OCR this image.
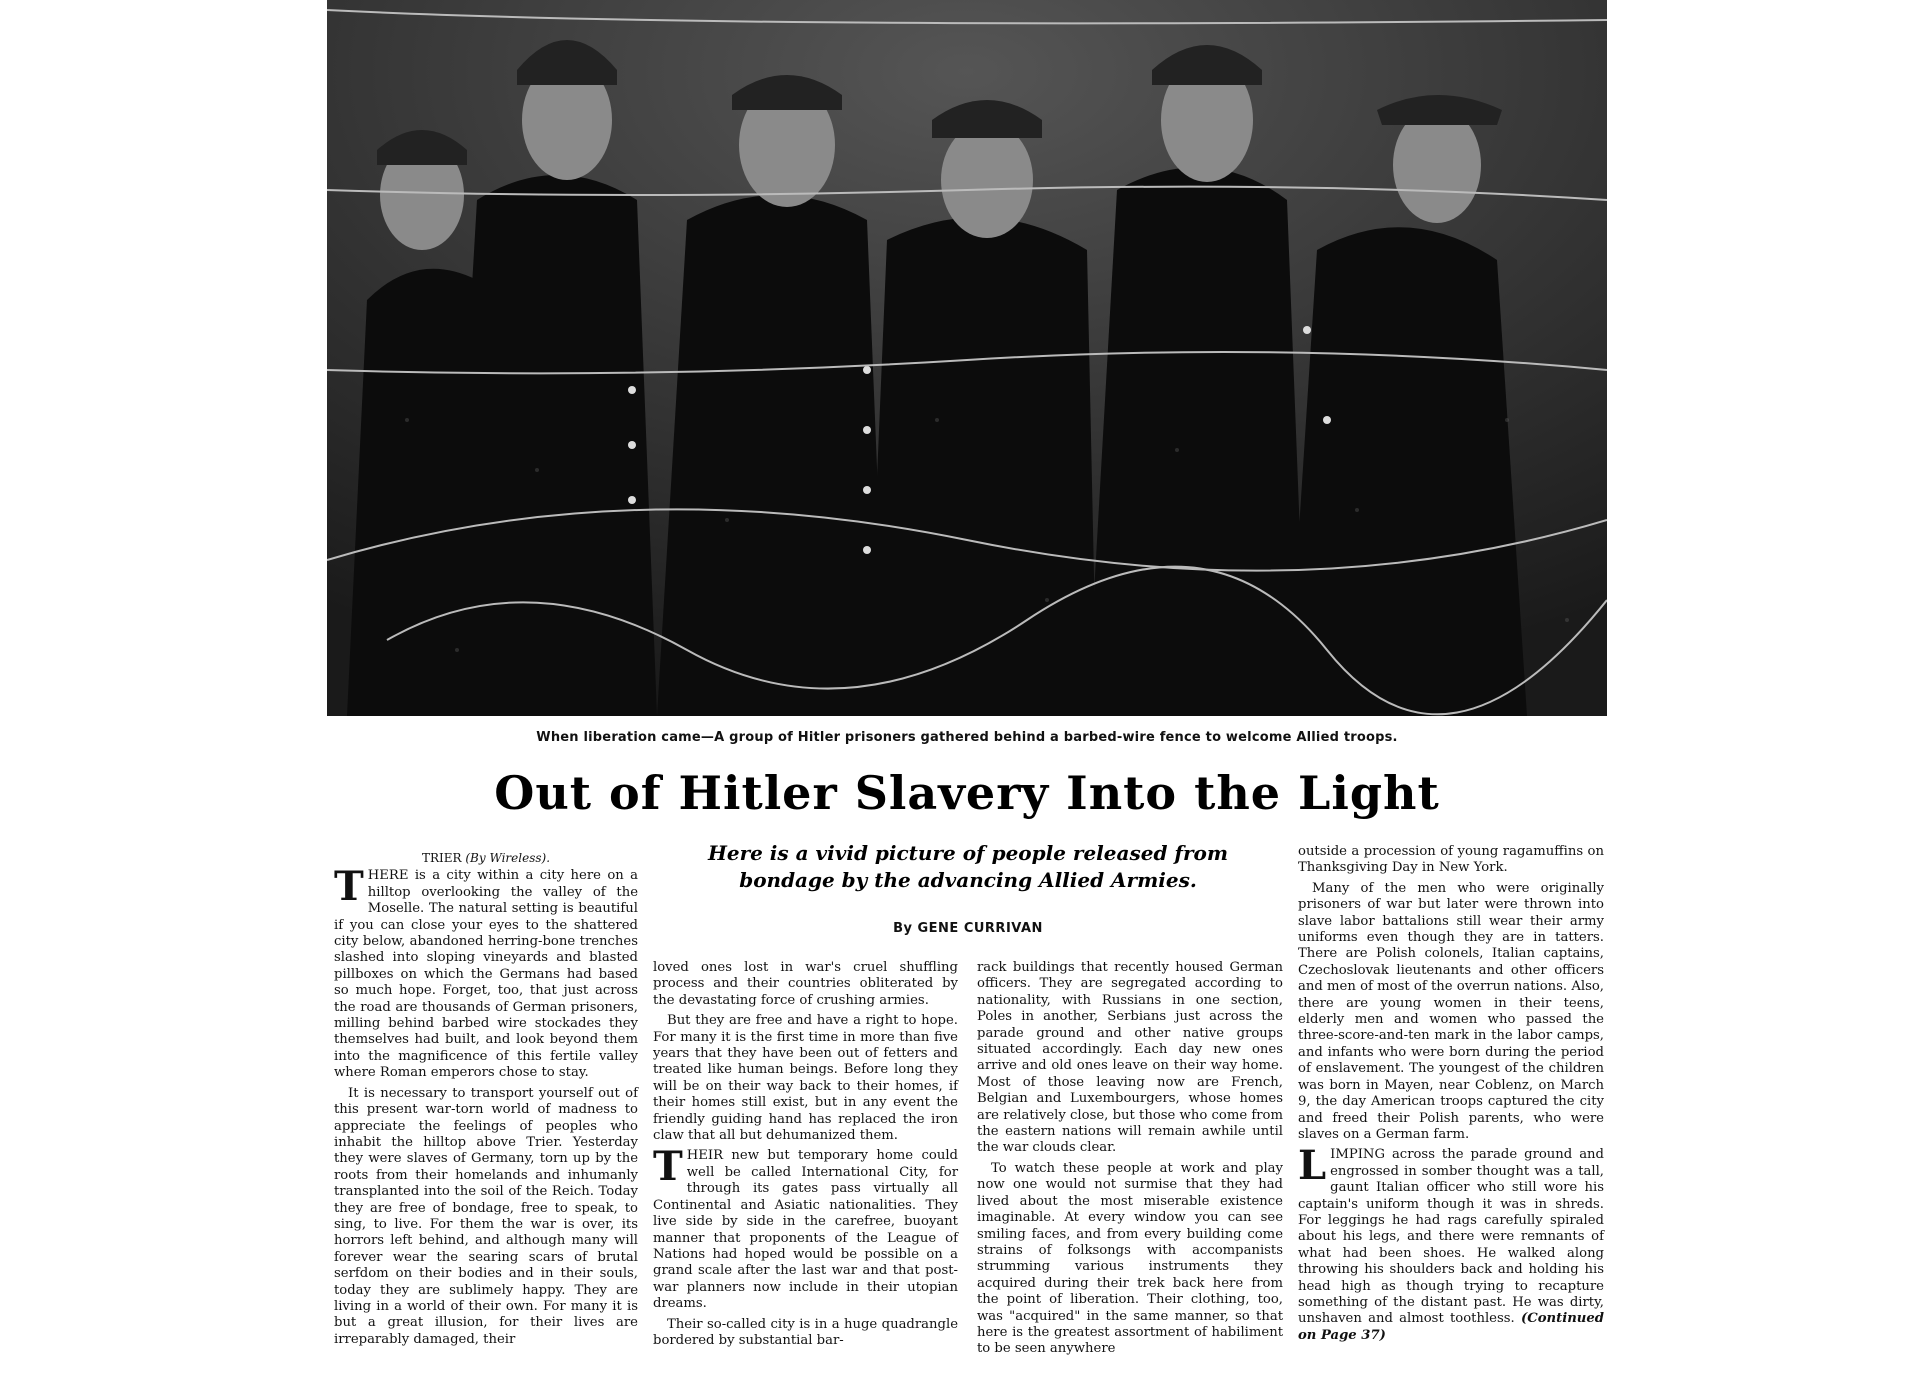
When liberation came—A group of Hitler prisoners gathered behind a barbed-wire fence to welcome Allied troops.
Out of Hitler Slavery Into the Light
Here is a vivid picture of people released from bondage by the advancing Allied Armies.
By GENE CURRIVAN
TRIER (By Wireless).

THERE is a city within a city here on a hilltop overlooking the valley of the Moselle. The natural setting is beautiful if you can close your eyes to the shattered city below, abandoned herring-bone trenches slashed into sloping vineyards and blasted pillboxes on which the Germans had based so much hope. Forget, too, that just across the road are thousands of German prisoners, milling behind barbed wire stockades they themselves had built, and look beyond them into the magnificence of this fertile valley where Roman emperors chose to stay.

It is necessary to transport yourself out of this present war-torn world of madness to appreciate the feelings of peoples who inhabit the hilltop above Trier. Yesterday they were slaves of Germany, torn up by the roots from their homelands and inhumanly transplanted into the soil of the Reich. Today they are free of bondage, free to speak, to sing, to live. For them the war is over, its horrors left behind, and although many will forever wear the searing scars of brutal serfdom on their bodies and in their souls, today they are sublimely happy. They are living in a world of their own. For many it is but a great illusion, for their lives are irreparably damaged, their

loved ones lost in war's cruel shuffling process and their countries obliterated by the devastating force of crushing armies.

But they are free and have a right to hope. For many it is the first time in more than five years that they have been out of fetters and treated like human beings. Before long they will be on their way back to their homes, if their homes still exist, but in any event the friendly guiding hand has replaced the iron claw that all but dehumanized them.

THEIR new but temporary home could well be called International City, for through its gates pass virtually all Continental and Asiatic nationalities. They live side by side in the carefree, buoyant manner that proponents of the League of Nations had hoped would be possible on a grand scale after the last war and that post-war planners now include in their utopian dreams.

Their so-called city is in a huge quadrangle bordered by substantial bar-

rack buildings that recently housed German officers. They are segregated according to nationality, with Russians in one section, Poles in another, Serbians just across the parade ground and other native groups situated accordingly. Each day new ones arrive and old ones leave on their way home. Most of those leaving now are French, Belgian and Luxembourgers, whose homes are relatively close, but those who come from the eastern nations will remain awhile until the war clouds clear.

To watch these people at work and play now one would not surmise that they had lived about the most miserable existence imaginable. At every window you can see smiling faces, and from every building come strains of folksongs with accompanists strumming various instruments they acquired during their trek back here from the point of liberation. Their clothing, too, was "acquired" in the same manner, so that here is the greatest assortment of habiliment to be seen anywhere

outside a procession of young ragamuffins on Thanksgiving Day in New York.

Many of the men who were originally prisoners of war but later were thrown into slave labor battalions still wear their army uniforms even though they are in tatters. There are Polish colonels, Italian captains, Czechoslovak lieutenants and other officers and men of most of the overrun nations. Also, there are young women in their teens, elderly men and women who passed the three-score-and-ten mark in the labor camps, and infants who were born during the period of enslavement. The youngest of the children was born in Mayen, near Coblenz, on March 9, the day American troops captured the city and freed their Polish parents, who were slaves on a German farm.

LIMPING across the parade ground and engrossed in somber thought was a tall, gaunt Italian officer who still wore his captain's uniform though it was in shreds. For leggings he had rags carefully spiraled about his legs, and there were remnants of what had been shoes. He walked along throwing his shoulders back and holding his head high as though trying to recapture something of the distant past. He was dirty, unshaven and almost toothless. (Continued on Page 37)
